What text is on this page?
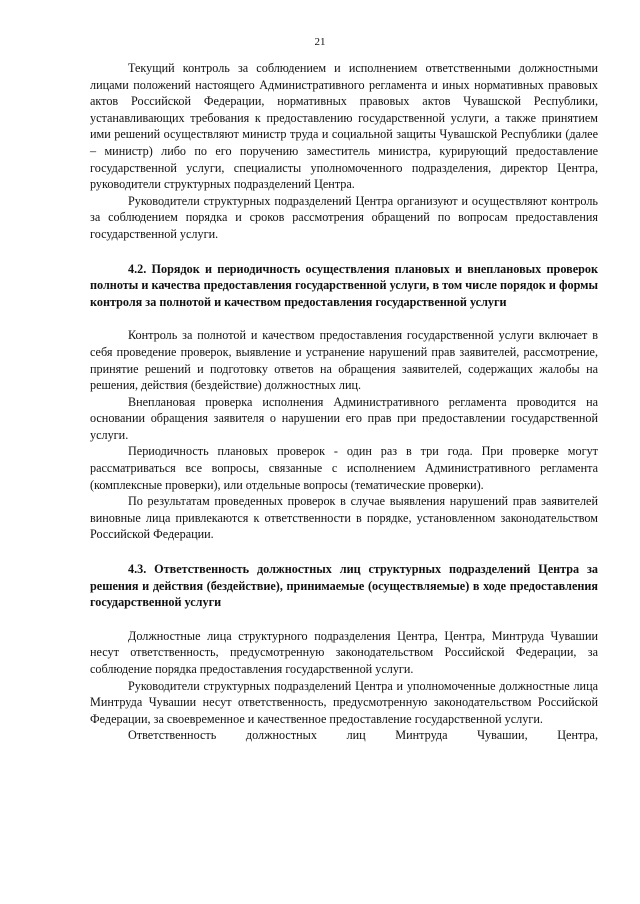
21

Текущий контроль за соблюдением и исполнением ответственными должностными лицами положений настоящего Административного регламента и иных нормативных правовых актов Российской Федерации, нормативных правовых актов Чувашской Республики, устанавливающих требования к предоставлению государственной услуги, а также принятием ими решений осуществляют министр труда и социальной защиты Чувашской Республики (далее – министр) либо по его поручению заместитель министра, курирующий предоставление государственной услуги, специалисты уполномоченного подразделения, директор Центра, руководители структурных подразделений Центра.

Руководители структурных подразделений Центра организуют и осуществляют контроль за соблюдением порядка и сроков рассмотрения обращений по вопросам предоставления государственной услуги.

4.2. Порядок и периодичность осуществления плановых и внеплановых проверок полноты и качества предоставления государственной услуги, в том числе порядок и формы контроля за полнотой и качеством предоставления государственной услуги

Контроль за полнотой и качеством предоставления государственной услуги включает в себя проведение проверок, выявление и устранение нарушений прав заявителей, рассмотрение, принятие решений и подготовку ответов на обращения заявителей, содержащих жалобы на решения, действия (бездействие) должностных лиц.

Внеплановая проверка исполнения Административного регламента проводится на основании обращения заявителя о нарушении его прав при предоставлении государственной услуги.

Периодичность плановых проверок - один раз в три года. При проверке могут рассматриваться все вопросы, связанные с исполнением Административного регламента (комплексные проверки), или отдельные вопросы (тематические проверки).

По результатам проведенных проверок в случае выявления нарушений прав заявителей виновные лица привлекаются к ответственности в порядке, установленном законодательством Российской Федерации.

4.3. Ответственность должностных лиц структурных подразделений Центра за решения и действия (бездействие), принимаемые (осуществляемые) в ходе предоставления государственной услуги

Должностные лица структурного подразделения Центра, Центра, Минтруда Чувашии несут ответственность, предусмотренную законодательством Российской Федерации, за соблюдение порядка предоставления государственной услуги.

Руководители структурных подразделений Центра и уполномоченные должностные лица Минтруда Чувашии несут ответственность, предусмотренную законодательством Российской Федерации, за своевременное и качественное предоставление государственной услуги.

Ответственность должностных лиц Минтруда Чувашии, Центра,
